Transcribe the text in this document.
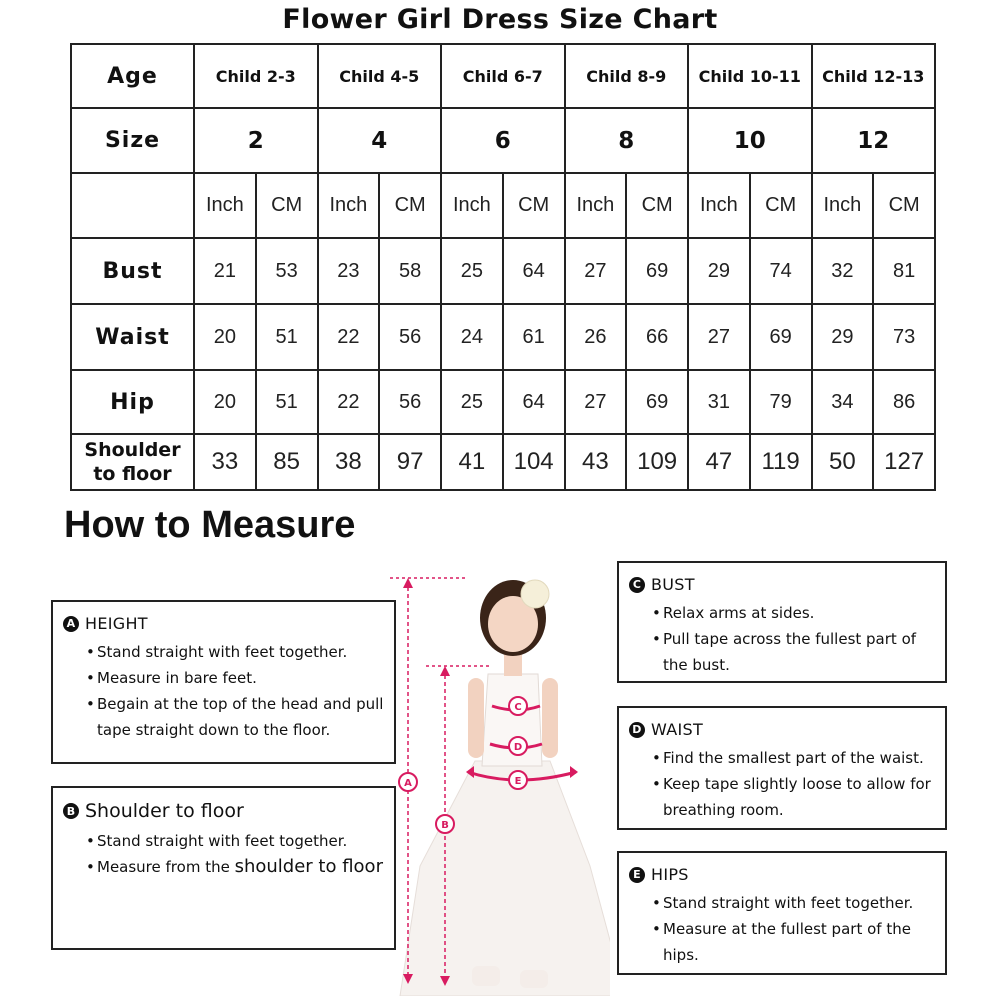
Flower Girl Dress Size Chart
Age	Child 2-3		Child 4-5		Child 6-7		Child 8-9		Child 10-11		Child 12-13	
Size	2		4		6		8		10		12	
	Inch	CM	Inch	CM	Inch	CM	Inch	CM	Inch	CM	Inch	CM
Bust	21	53	23	58	25	64	27	69	29	74	32	81
Waist	20	51	22	56	24	61	26	66	27	69	29	73
Hip	20	51	22	56	25	64	27	69	31	79	34	86

Shoulder
to floor	33	85	38	97	41	104	43	109	47	119	50	127
How to Measure
A HEIGHT
• Stand straight with feet together.
• Measure in bare feet.
• Begain at the top of the head and pull tape straight down to the floor.
B Shoulder to floor
• Stand straight with feet together.
• Measure from the shoulder to floor
C BUST
• Relax arms at sides.
• Pull tape across the fullest part of the bust.
D WAIST
• Find the smallest part of the waist.
• Keep tape slightly loose to allow for breathing room.
E HIPS
• Stand straight with feet together.
• Measure at the fullest part of the hips.
A
B
C
D
E
